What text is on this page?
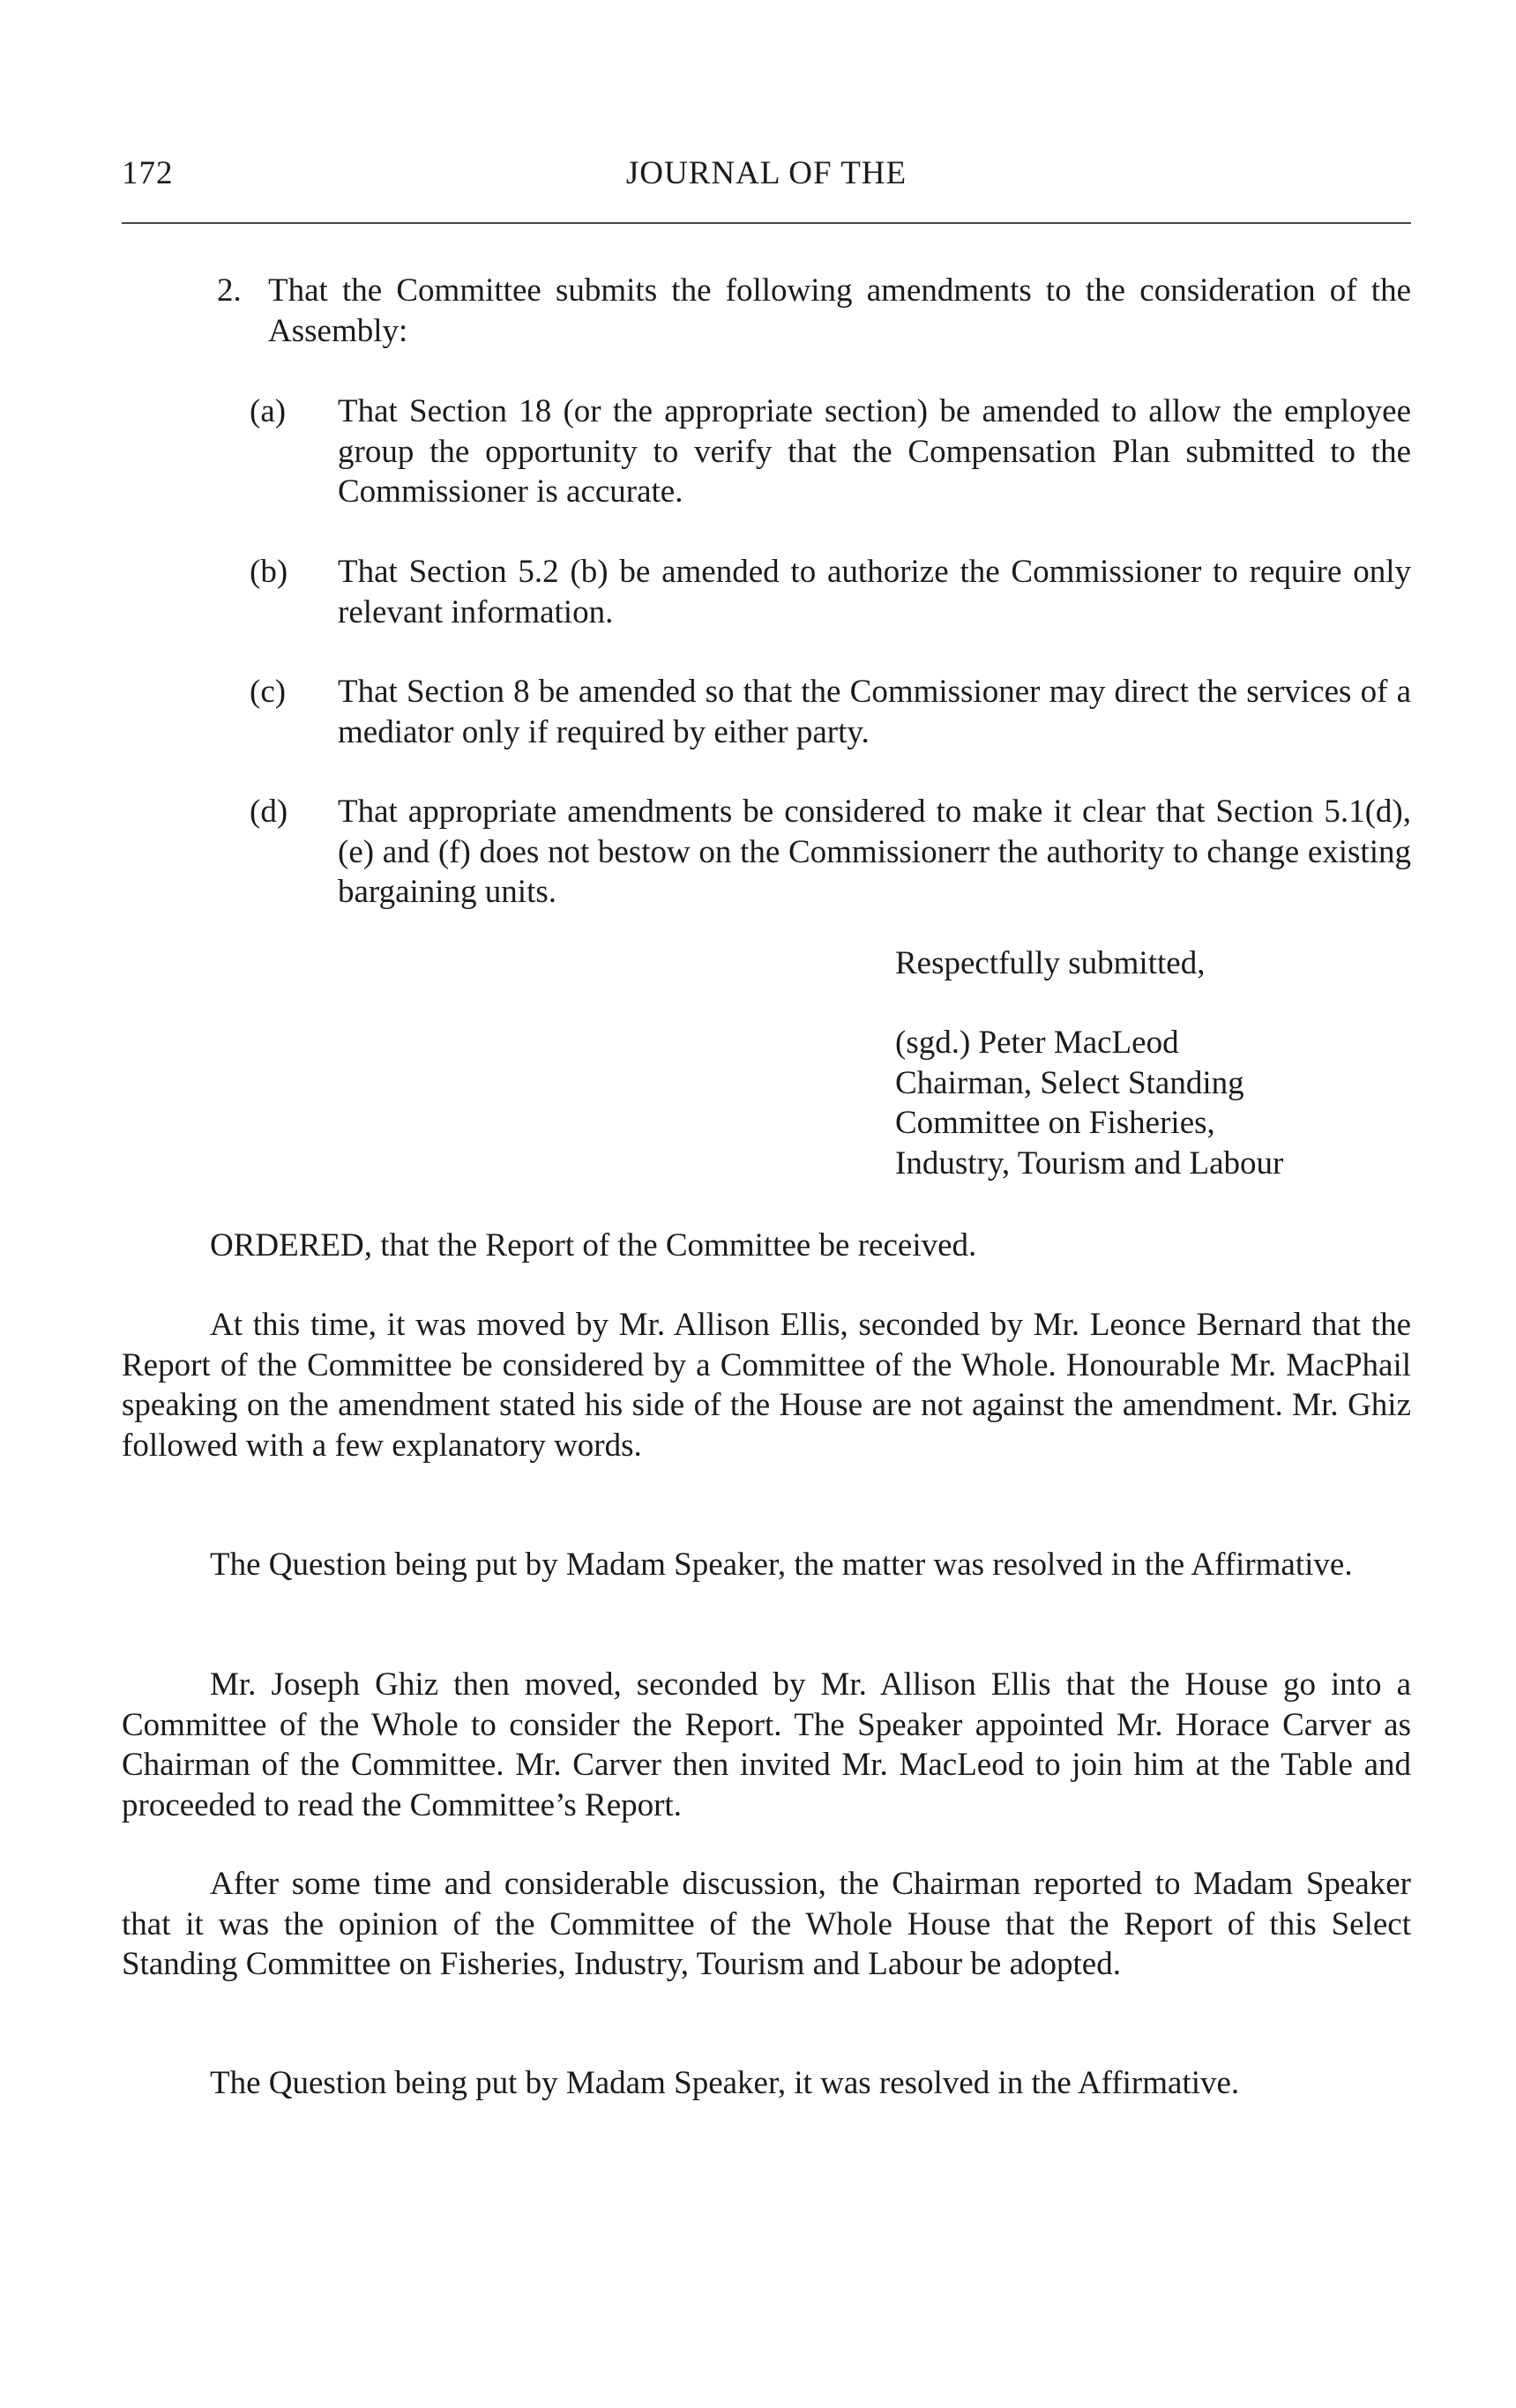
172	JOURNAL OF THE
2. That the Committee submits the following amendments to the consideration of the Assembly:

(a) That Section 18 (or the appropriate section) be amended to allow the employee group the opportunity to verify that the Compensation Plan submitted to the Commissioner is accurate.

(b) That Section 5.2 (b) be amended to authorize the Commissioner to require only relevant information.

(c) That Section 8 be amended so that the Commissioner may direct the services of a mediator only if required by either party.

(d) That appropriate amendments be considered to make it clear that Section 5.1(d), (e) and (f) does not bestow on the Commissionerr the authority to change existing bargaining units.

Respectfully submitted,

(sgd.) Peter MacLeod
Chairman, Select Standing
Committee on Fisheries,
Industry, Tourism and Labour

ORDERED, that the Report of the Committee be received.

At this time, it was moved by Mr. Allison Ellis, seconded by Mr. Leonce Bernard that the Report of the Committee be considered by a Committee of the Whole. Honourable Mr. MacPhail speaking on the amendment stated his side of the House are not against the amendment. Mr. Ghiz followed with a few explanatory words.

The Question being put by Madam Speaker, the matter was resolved in the Affirmative.

Mr. Joseph Ghiz then moved, seconded by Mr. Allison Ellis that the House go into a Committee of the Whole to consider the Report. The Speaker appointed Mr. Horace Carver as Chairman of the Committee. Mr. Carver then invited Mr. MacLeod to join him at the Table and proceeded to read the Committee’s Report.

After some time and considerable discussion, the Chairman reported to Madam Speaker that it was the opinion of the Committee of the Whole House that the Report of this Select Standing Committee on Fisheries, Industry, Tourism and Labour be adopted.

The Question being put by Madam Speaker, it was resolved in the Affirmative.
